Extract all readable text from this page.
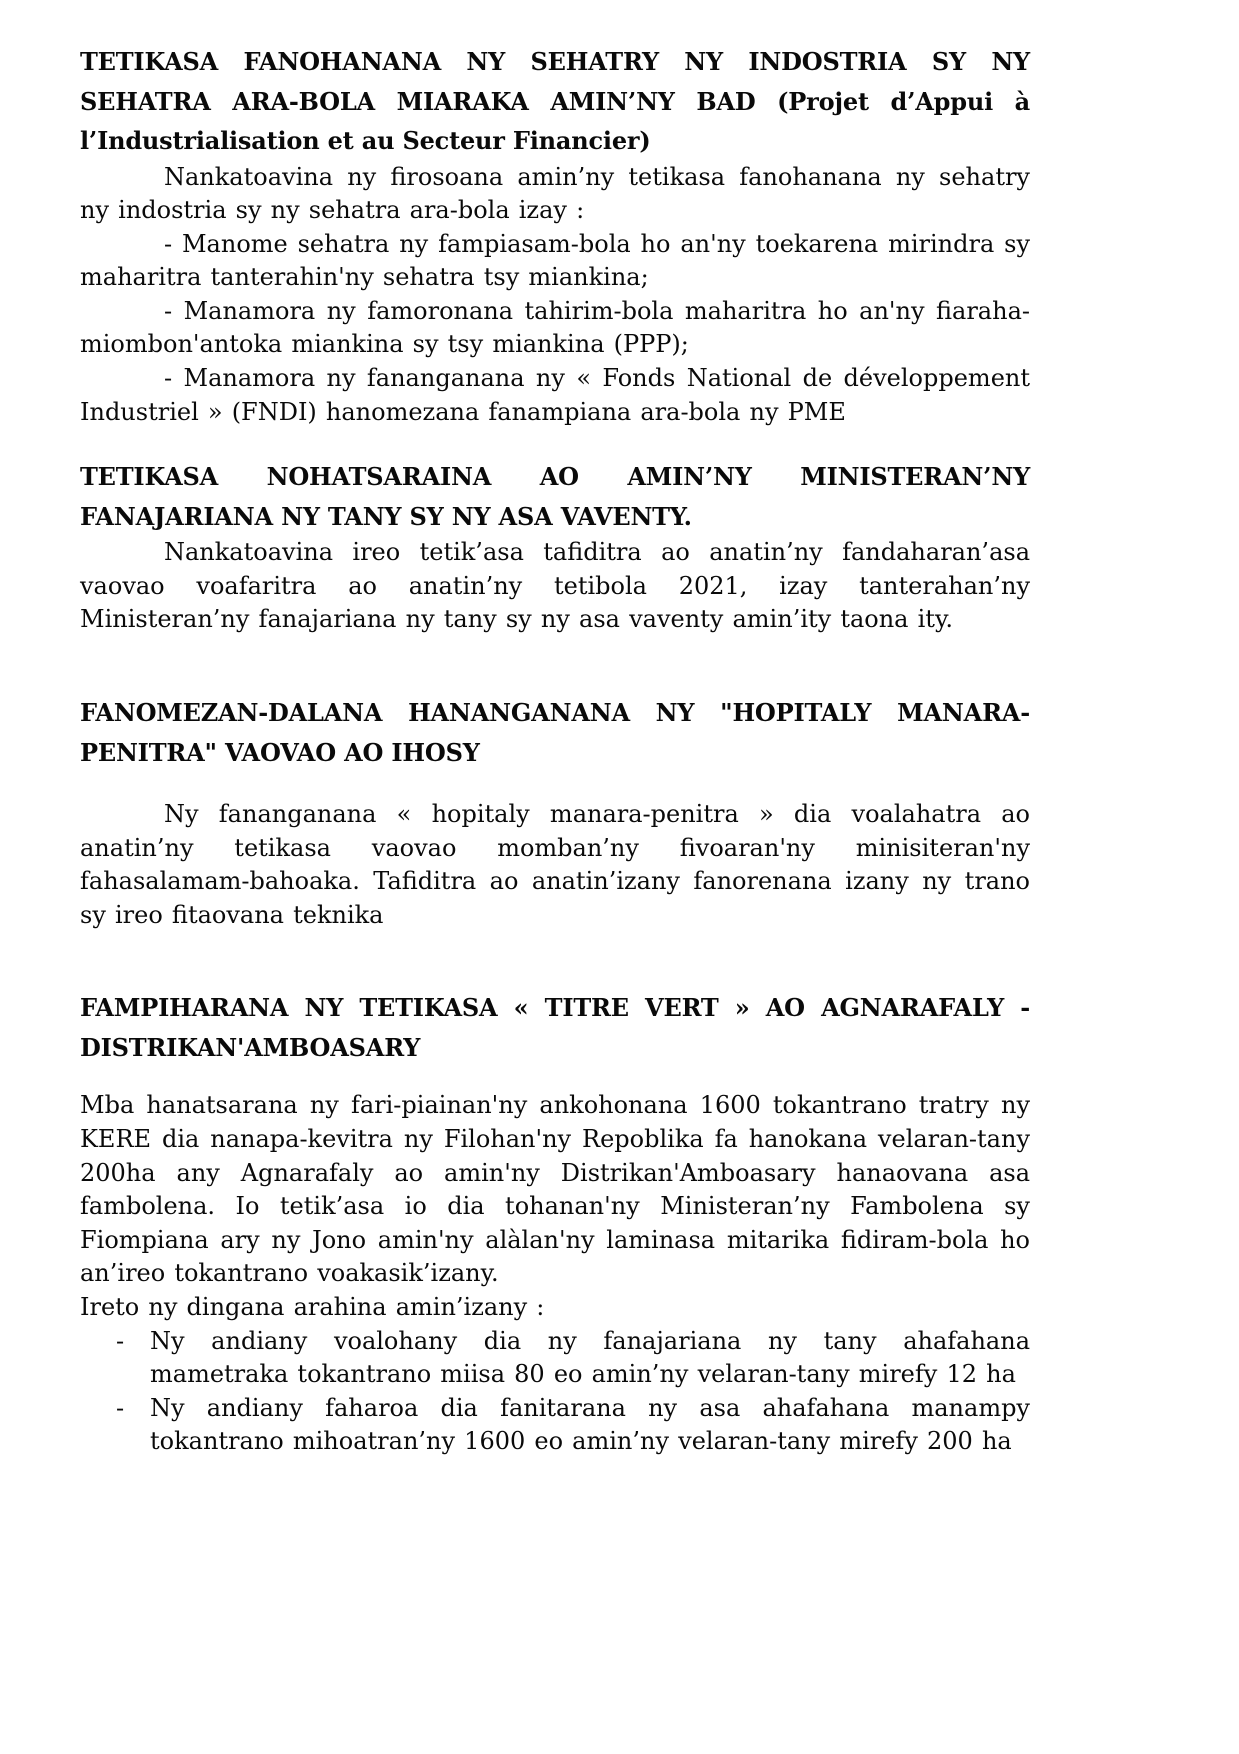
TETIKASA FANOHANANA NY SEHATRY NY INDOSTRIA SY NY SEHATRA ARA-BOLA MIARAKA AMIN’NY BAD (Projet d’Appui à l’Industrialisation et au Secteur Financier)

Nankatoavina ny firosoana amin’ny tetikasa fanohanana ny sehatry ny indostria sy ny sehatra ara-bola izay :

- Manome sehatra ny fampiasam-bola ho an'ny toekarena mirindra sy maharitra tanterahin'ny sehatra tsy miankina;

- Manamora ny famoronana tahirim-bola maharitra ho an'ny fiaraha-miombon'antoka miankina sy tsy miankina (PPP);

- Manamora ny fananganana ny « Fonds National de développement Industriel » (FNDI) hanomezana fanampiana ara-bola ny PME

TETIKASA NOHATSARAINA AO AMIN’NY MINISTERAN’NY FANAJARIANA NY TANY SY NY ASA VAVENTY.

Nankatoavina ireo tetik’asa tafiditra ao anatin’ny fandaharan’asa vaovao voafaritra ao anatin’ny tetibola 2021, izay tanterahan’ny Ministeran’ny fanajariana ny tany sy ny asa vaventy amin’ity taona ity.

FANOMEZAN-DALANA HANANGANANA NY "HOPITALY MANARA-PENITRA" VAOVAO AO IHOSY

Ny fananganana « hopitaly manara-penitra » dia voalahatra ao anatin’ny tetikasa vaovao momban’ny fivoaran'ny minisiteran'ny fahasalamam-bahoaka. Tafiditra ao anatin’izany fanorenana izany ny trano sy ireo fitaovana teknika

FAMPIHARANA NY TETIKASA « TITRE VERT » AO AGNARAFALY - DISTRIKAN'AMBOASARY

Mba hanatsarana ny fari-piainan'ny ankohonana 1600 tokantrano tratry ny KERE dia nanapa-kevitra ny Filohan'ny Repoblika fa hanokana velaran-tany 200ha any Agnarafaly ao amin'ny Distrikan'Amboasary hanaovana asa fambolena. Io tetik’asa io dia tohanan'ny Ministeran’ny Fambolena sy Fiompiana ary ny Jono amin'ny alàlan'ny laminasa mitarika fidiram-bola ho an’ireo tokantrano voakasik’izany.

Ireto ny dingana arahina amin’izany :

- Ny andiany voalohany dia ny fanajariana ny tany ahafahana mametraka tokantrano miisa 80 eo amin’ny velaran-tany mirefy 12 ha
- Ny andiany faharoa dia fanitarana ny asa ahafahana manampy tokantrano mihoatran’ny 1600 eo amin’ny velaran-tany mirefy 200 ha
